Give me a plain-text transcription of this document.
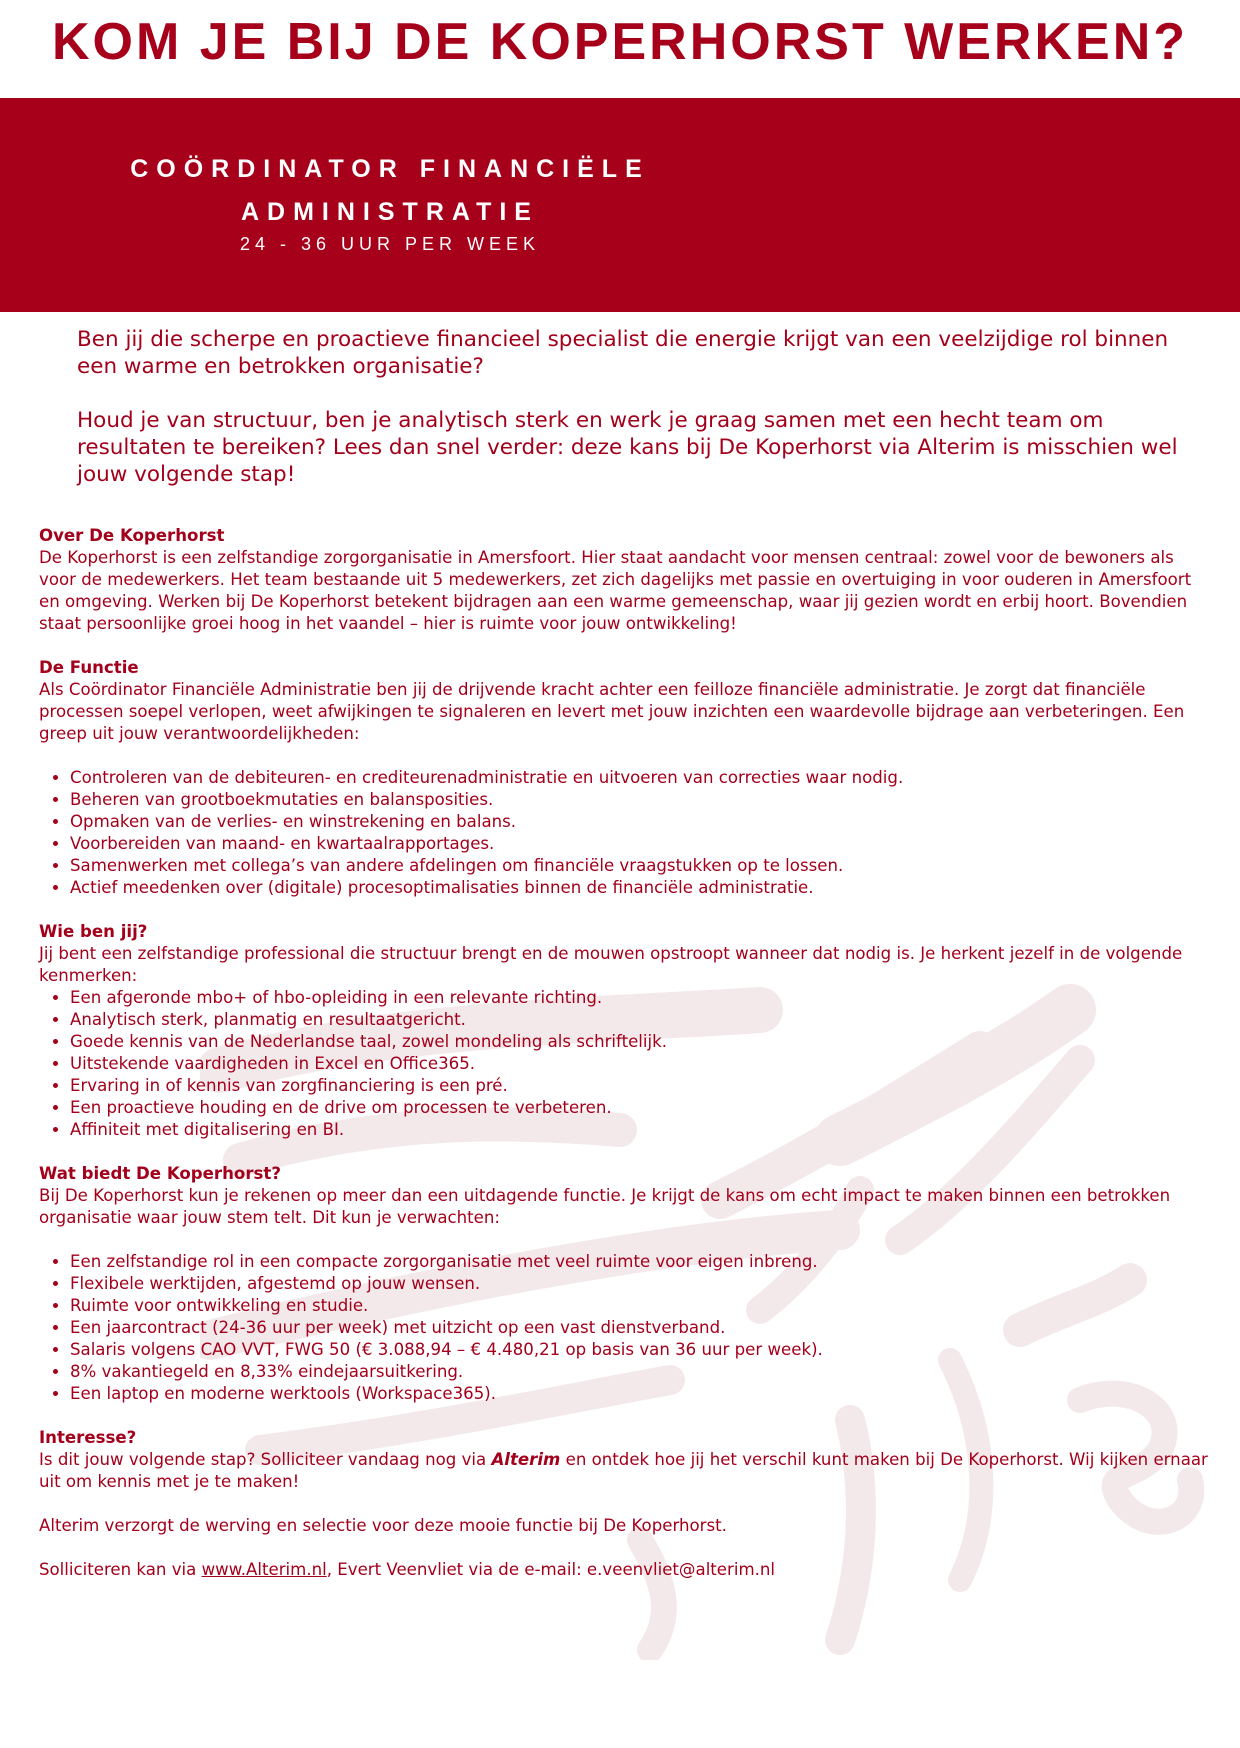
KOM JE BIJ DE KOPERHORST WERKEN?
COÖRDINATOR FINANCIËLE ADMINISTRATIE
24 - 36 UUR PER WEEK

Ben jij die scherpe en proactieve financieel specialist die energie krijgt van een veelzijdige rol binnen een warme en betrokken organisatie?

Houd je van structuur, ben je analytisch sterk en werk je graag samen met een hecht team om resultaten te bereiken? Lees dan snel verder: deze kans bij De Koperhorst via Alterim is misschien wel jouw volgende stap!

Over De Koperhorst

De Koperhorst is een zelfstandige zorgorganisatie in Amersfoort. Hier staat aandacht voor mensen centraal: zowel voor de bewoners als voor de medewerkers. Het team bestaande uit 5 medewerkers, zet zich dagelijks met passie en overtuiging in voor ouderen in Amersfoort en omgeving. Werken bij De Koperhorst betekent bijdragen aan een warme gemeenschap, waar jij gezien wordt en erbij hoort. Bovendien staat persoonlijke groei hoog in het vaandel – hier is ruimte voor jouw ontwikkeling!

De Functie

Als Coördinator Financiële Administratie ben jij de drijvende kracht achter een feilloze financiële administratie. Je zorgt dat financiële processen soepel verlopen, weet afwijkingen te signaleren en levert met jouw inzichten een waardevolle bijdrage aan verbeteringen. Een greep uit jouw verantwoordelijkheden:

• Controleren van de debiteuren- en crediteurenadministratie en uitvoeren van correcties waar nodig.
• Beheren van grootboekmutaties en balansposities.
• Opmaken van de verlies- en winstrekening en balans.
• Voorbereiden van maand- en kwartaalrapportages.
• Samenwerken met collega’s van andere afdelingen om financiële vraagstukken op te lossen.
• Actief meedenken over (digitale) procesoptimalisaties binnen de financiële administratie.
Wie ben jij?

Jij bent een zelfstandige professional die structuur brengt en de mouwen opstroopt wanneer dat nodig is. Je herkent jezelf in de volgende kenmerken:

• Een afgeronde mbo+ of hbo-opleiding in een relevante richting.
• Analytisch sterk, planmatig en resultaatgericht.
• Goede kennis van de Nederlandse taal, zowel mondeling als schriftelijk.
• Uitstekende vaardigheden in Excel en Office365.
• Ervaring in of kennis van zorgfinanciering is een pré.
• Een proactieve houding en de drive om processen te verbeteren.
• Affiniteit met digitalisering en BI.
Wat biedt De Koperhorst?

Bij De Koperhorst kun je rekenen op meer dan een uitdagende functie. Je krijgt de kans om echt impact te maken binnen een betrokken organisatie waar jouw stem telt. Dit kun je verwachten:

• Een zelfstandige rol in een compacte zorgorganisatie met veel ruimte voor eigen inbreng.
• Flexibele werktijden, afgestemd op jouw wensen.
• Ruimte voor ontwikkeling en studie.
• Een jaarcontract (24-36 uur per week) met uitzicht op een vast dienstverband.
• Salaris volgens CAO VVT, FWG 50 (€ 3.088,94 – € 4.480,21 op basis van 36 uur per week).
• 8% vakantiegeld en 8,33% eindejaarsuitkering.
• Een laptop en moderne werktools (Workspace365).
Interesse?

Is dit jouw volgende stap? Solliciteer vandaag nog via Alterim en ontdek hoe jij het verschil kunt maken bij De Koperhorst. Wij kijken ernaar uit om kennis met je te maken!

Alterim verzorgt de werving en selectie voor deze mooie functie bij De Koperhorst.

Solliciteren kan via www.Alterim.nl, Evert Veenvliet via de e-mail: e.veenvliet@alterim.nl
